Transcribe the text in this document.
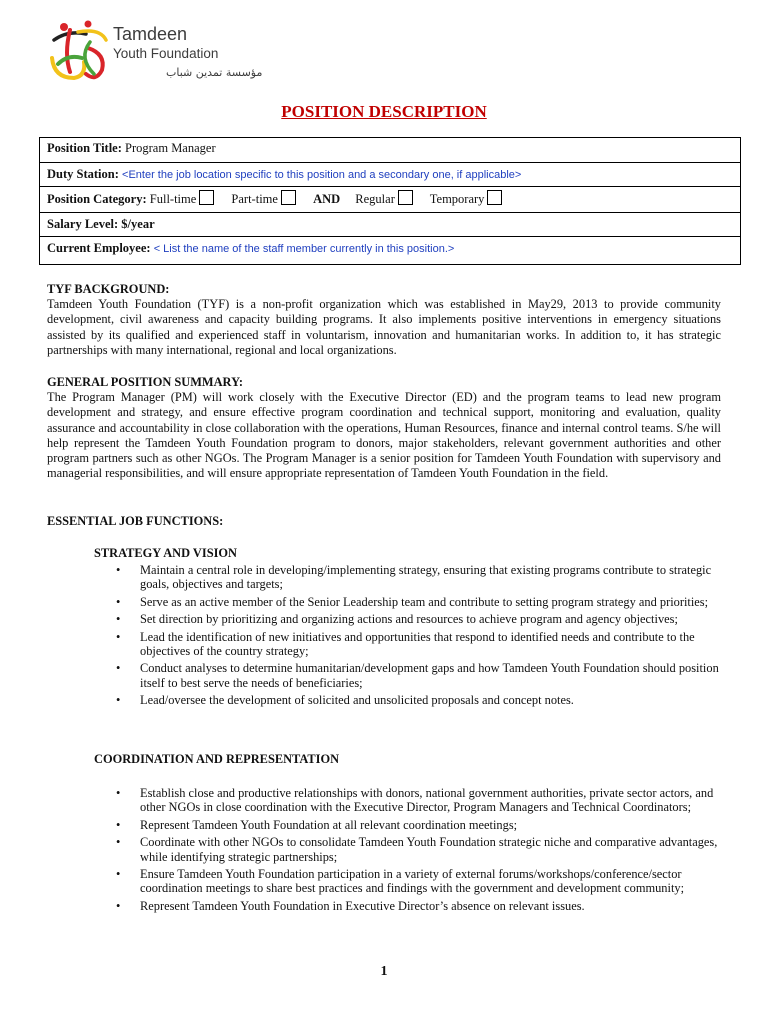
Tamdeen
Youth Foundation
مؤسسة تمدين شباب
POSITION DESCRIPTION
Position Title: Program Manager
Duty Station: <Enter the job location specific to this position and a secondary one, if applicable>
Position Category: Full-time	Part-time	AND Regular	Temporary
Salary Level: $/year
Current Employee: < List the name of the staff member currently in this position.>
TYF BACKGROUND:
Tamdeen Youth Foundation (TYF) is a non-profit organization which was established in May29, 2013 to provide community development, civil awareness and capacity building programs. It also implements positive interventions in emergency situations assisted by its qualified and experienced staff in voluntarism, innovation and humanitarian works. In addition to, it has strategic partnerships with many international, regional and local organizations.
GENERAL POSITION SUMMARY:
The Program Manager (PM) will work closely with the Executive Director (ED) and the program teams to lead new program development and strategy, and ensure effective program coordination and technical support, monitoring and evaluation, quality assurance and accountability in close collaboration with the operations, Human Resources, finance and internal control teams. S/he will help represent the Tamdeen Youth Foundation program to donors, major stakeholders, relevant government authorities and other program partners such as other NGOs. The Program Manager is a senior position for Tamdeen Youth Foundation with supervisory and managerial responsibilities, and will ensure appropriate representation of Tamdeen Youth Foundation in the field.
ESSENTIAL JOB FUNCTIONS:
STRATEGY AND VISION
• Maintain a central role in developing/implementing strategy, ensuring that existing programs contribute to strategic goals, objectives and targets;
• Serve as an active member of the Senior Leadership team and contribute to setting program strategy and priorities;
• Set direction by prioritizing and organizing actions and resources to achieve program and agency objectives;
• Lead the identification of new initiatives and opportunities that respond to identified needs and contribute to the objectives of the country strategy;
• Conduct analyses to determine humanitarian/development gaps and how Tamdeen Youth Foundation should position itself to best serve the needs of beneficiaries;
• Lead/oversee the development of solicited and unsolicited proposals and concept notes.
COORDINATION AND REPRESENTATION
• Establish close and productive relationships with donors, national government authorities, private sector actors, and other NGOs in close coordination with the Executive Director, Program Managers and Technical Coordinators;
• Represent Tamdeen Youth Foundation at all relevant coordination meetings;
• Coordinate with other NGOs to consolidate Tamdeen Youth Foundation strategic niche and comparative advantages, while identifying strategic partnerships;
• Ensure Tamdeen Youth Foundation participation in a variety of external forums/workshops/conference/sector coordination meetings to share best practices and findings with the government and development community;
• Represent Tamdeen Youth Foundation in Executive Director’s absence on relevant issues.
1
